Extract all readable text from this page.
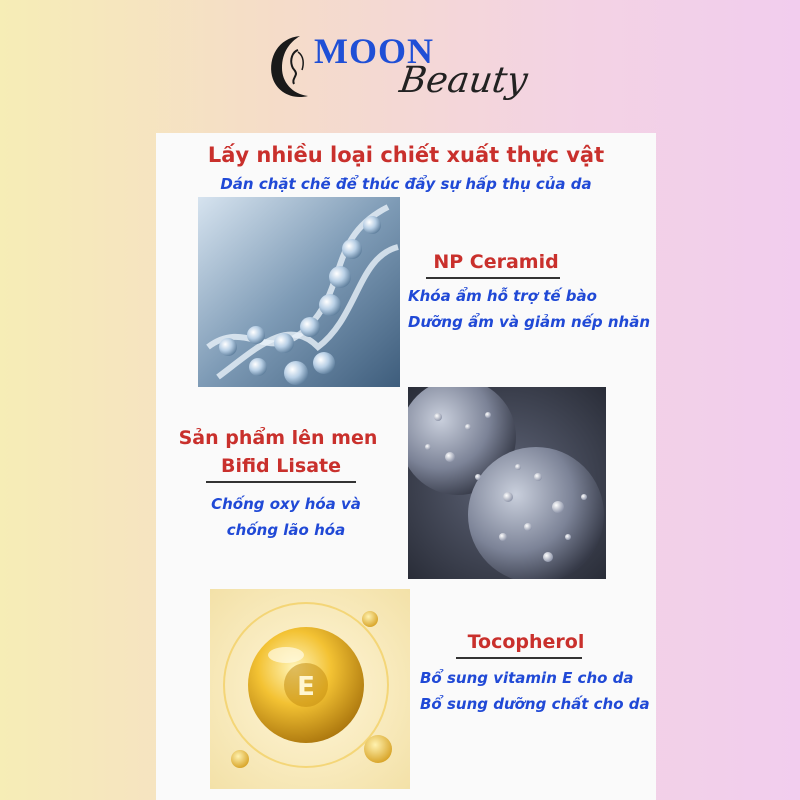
MOON
Beauty
Lấy nhiều loại chiết xuất thực vật
Dán chặt chẽ để thúc đẩy sự hấp thụ của da
NP Ceramid
Khóa ẩm hỗ trợ tế bào
Dưỡng ẩm và giảm nếp nhăn
Sản phẩm lên men
Bifid Lisate
Chống oxy hóa và
chống lão hóa
E
Tocopherol
Bổ sung vitamin E cho da
Bổ sung dưỡng chất cho da
